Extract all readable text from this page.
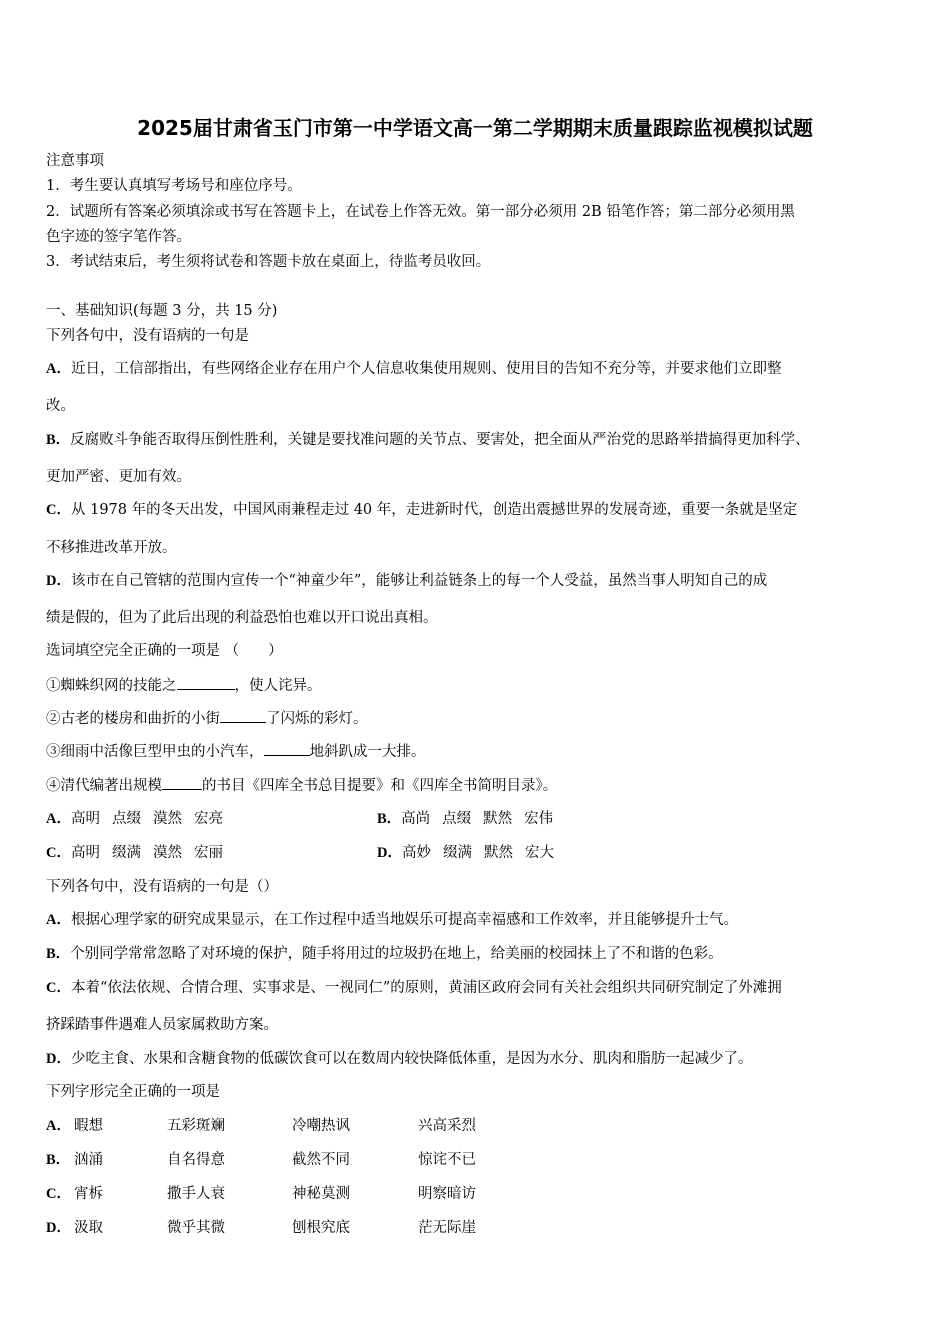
2025届甘肃省玉门市第一中学语文高一第二学期期末质量跟踪监视模拟试题
注意事项
1．考生要认真填写考场号和座位序号。
2．试题所有答案必须填涂或书写在答题卡上，在试卷上作答无效。第一部分必须用 2B 铅笔作答；第二部分必须用黑
色字迹的签字笔作答。
3．考试结束后，考生须将试卷和答题卡放在桌面上，待监考员收回。
一、基础知识(每题 3 分，共 15 分)
下列各句中，没有语病的一句是
A．近日，工信部指出，有些网络企业存在用户个人信息收集使用规则、使用目的告知不充分等，并要求他们立即整
改。
B．反腐败斗争能否取得压倒性胜利，关键是要找准问题的关节点、要害处，把全面从严治党的思路举措搞得更加科学、
更加严密、更加有效。
C．从 1978 年的冬天出发，中国风雨兼程走过 40 年，走进新时代，创造出震撼世界的发展奇迹，重要一条就是坚定
不移推进改革开放。
D．该市在自己管辖的范围内宣传一个“神童少年”，能够让利益链条上的每一个人受益，虽然当事人明知自己的成
绩是假的，但为了此后出现的利益恐怕也难以开口说出真相。
选词填空完全正确的一项是 （　　）
①蜘蛛织网的技能之	，使人诧异。
②古老的楼房和曲折的小街	了闪烁的彩灯。
③细雨中活像巨型甲虫的小汽车，	地斜趴成一大排。
④清代编著出规模	的书目《四库全书总目提要》和《四库全书简明目录》。
A．高明 点缀 漠然 宏亮	B．高尚 点缀 默然 宏伟
C．高明 缀满 漠然 宏丽	D．高妙 缀满 默然 宏大
下列各句中，没有语病的一句是（）
A．根据心理学家的研究成果显示，在工作过程中适当地娱乐可提高幸福感和工作效率，并且能够提升士气。
B．个别同学常常忽略了对环境的保护，随手将用过的垃圾扔在地上，给美丽的校园抹上了不和谐的色彩。
C．本着“依法依规、合情合理、实事求是、一视同仁”的原则，黄浦区政府会同有关社会组织共同研究制定了外滩拥
挤踩踏事件遇难人员家属救助方案。
D．少吃主食、水果和含糖食物的低碳饮食可以在数周内较快降低体重，是因为水分、肌肉和脂肪一起减少了。
下列字形完全正确的一项是
A． 暇想	五彩斑斓	冷嘲热讽	兴高采烈
B． 汹涌	自名得意	截然不同	惊诧不已
C． 宵柝	撒手人衰	神秘莫测	明察暗访
D． 汲取	微乎其微	刨根究底	茫无际崖
